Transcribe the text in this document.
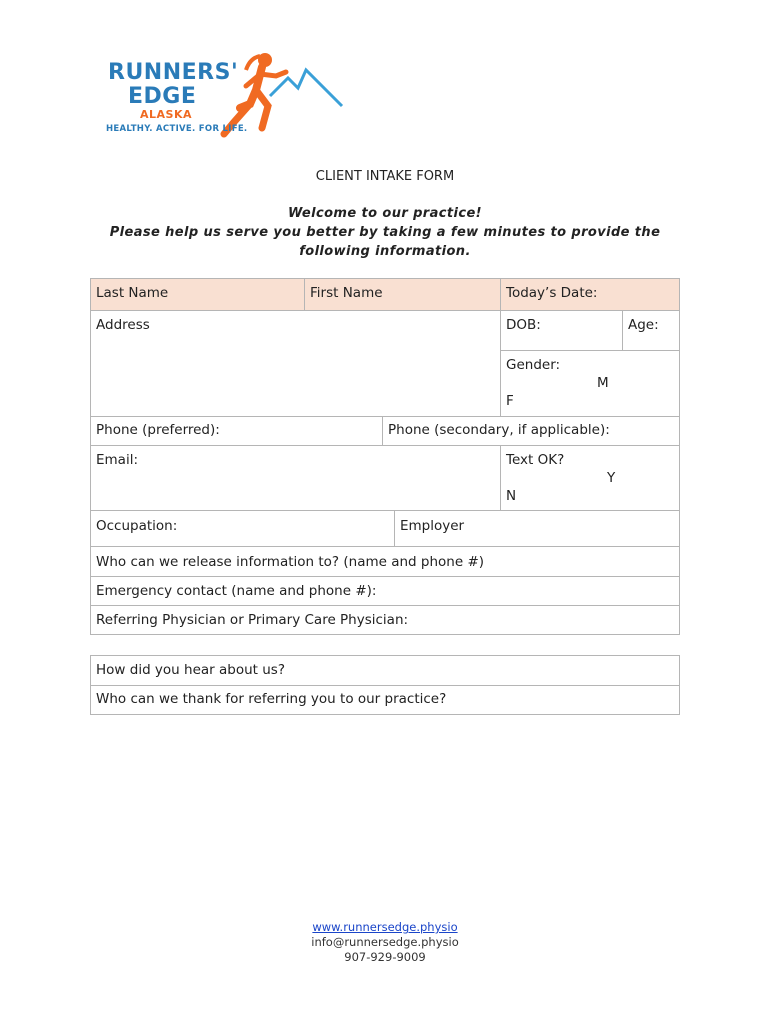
RUNNERS'
EDGE
ALASKA
HEALTHY. ACTIVE. FOR LIFE.
CLIENT INTAKE FORM
Welcome to our practice!
Please help us serve you better by taking a few minutes to provide the following information.
Last Name	First Name	Today’s Date:
Address	DOB:	Age:
Gender:
M
F
Phone (preferred):	Phone (secondary, if applicable):
Email:	Text OK?
Y
N
Occupation:	Employer
Who can we release information to? (name and phone #)
Emergency contact (name and phone #):
Referring Physician or Primary Care Physician:
How did you hear about us?
Who can we thank for referring you to our practice?
www.runnersedge.physio
info@runnersedge.physio
907-929-9009
